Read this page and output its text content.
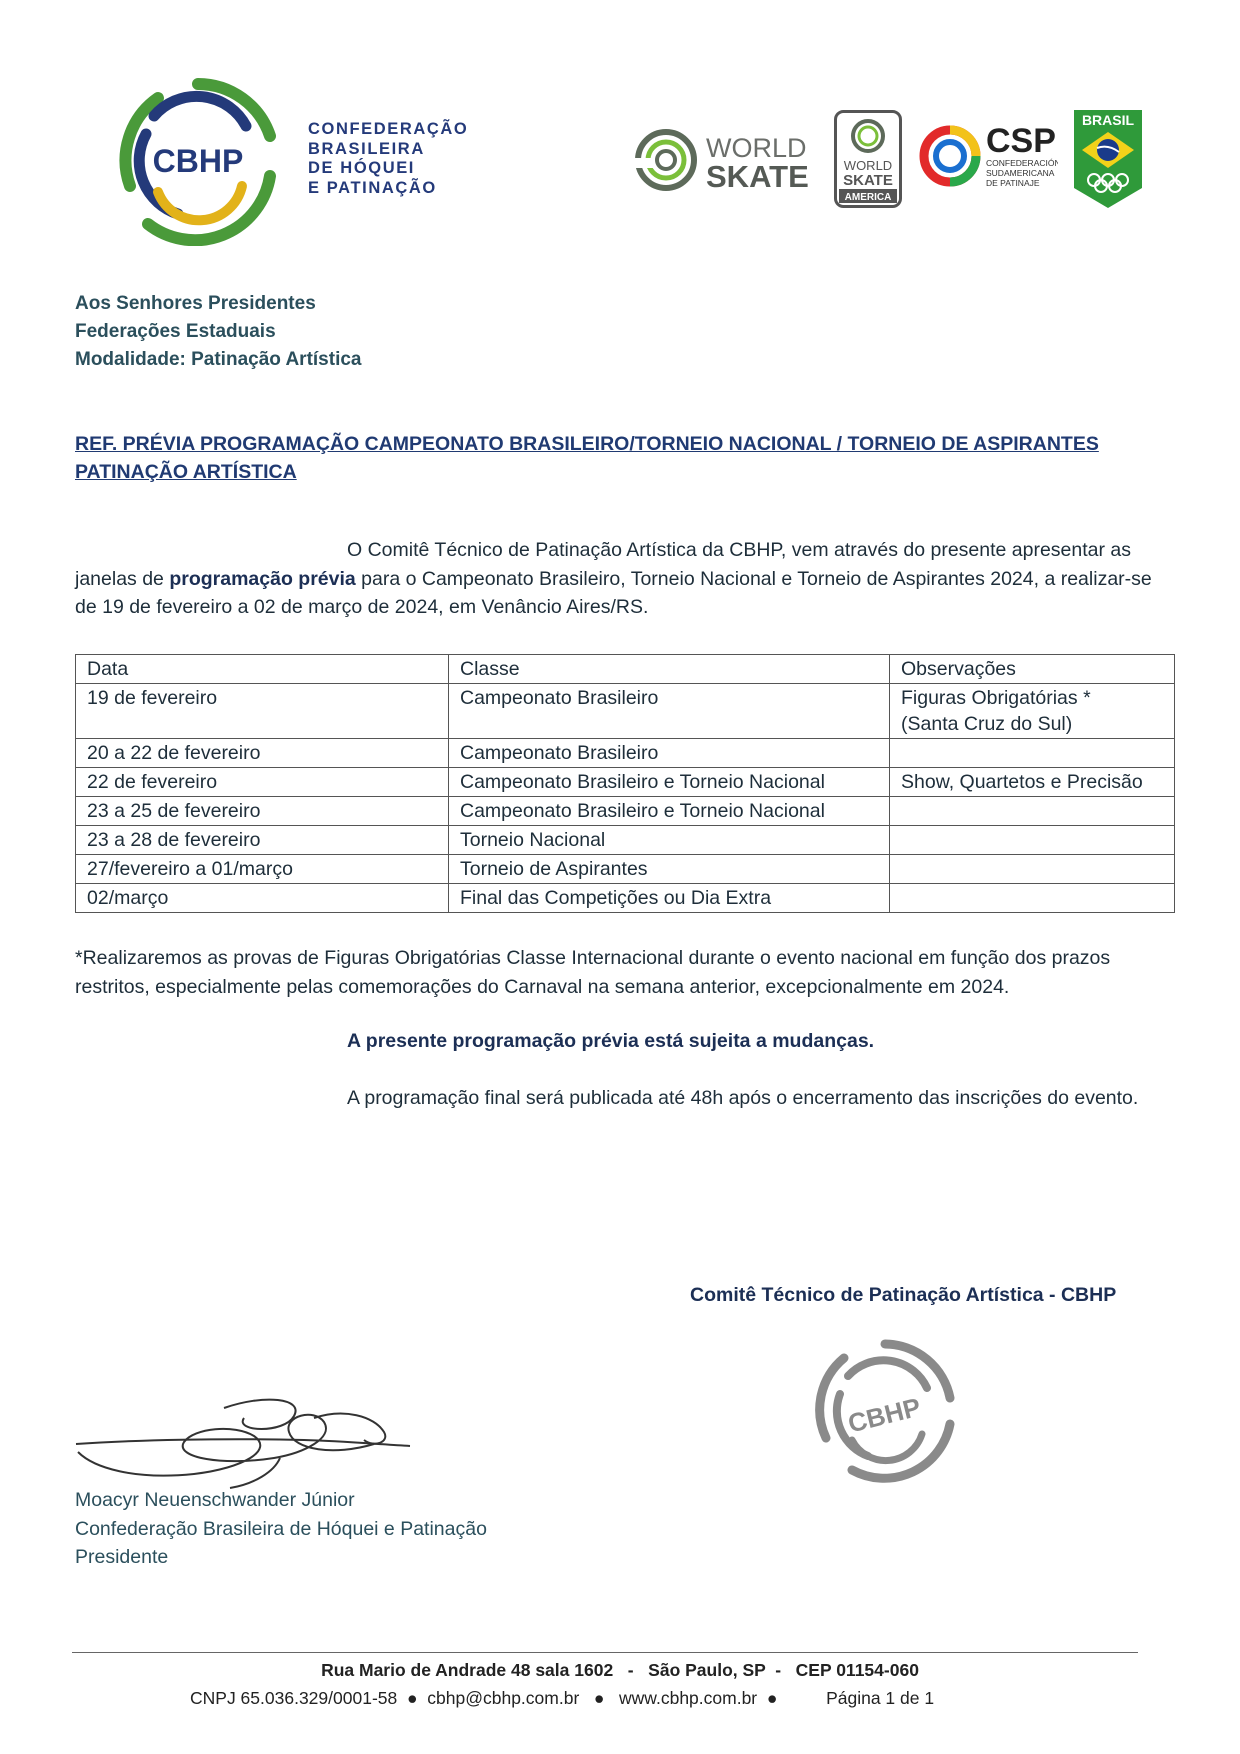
CBHP
CONFEDERAÇÃO
BRASILEIRA
DE HÓQUEI
E PATINAÇÃO
WORLD
SKATE	WORLD
SKATE
AMERICA
CSP
CONFEDERACIÓN
SUDAMERICANA
DE PATINAJE
BRASIL
Aos Senhores Presidentes
Federações Estaduais
Modalidade: Patinação Artística
REF. PRÉVIA PROGRAMAÇÃO CAMPEONATO BRASILEIRO/TORNEIO NACIONAL / TORNEIO DE ASPIRANTES
PATINAÇÃO ARTÍSTICA
O Comitê Técnico de Patinação Artística da CBHP, vem através do presente apresentar as janelas de programação prévia para o Campeonato Brasileiro, Torneio Nacional e Torneio de Aspirantes 2024, a realizar-se de 19 de fevereiro a 02 de março de 2024, em Venâncio Aires/RS.
Data	Classe	Observações
19 de fevereiro	Campeonato Brasileiro	Figuras Obrigatórias *
(Santa Cruz do Sul)
20 a 22 de fevereiro	Campeonato Brasileiro	
22 de fevereiro	Campeonato Brasileiro e Torneio Nacional	Show, Quartetos e Precisão
23 a 25 de fevereiro	Campeonato Brasileiro e Torneio Nacional	
23 a 28 de fevereiro	Torneio Nacional	
27/fevereiro a 01/março	Torneio de Aspirantes	
02/março	Final das Competições ou Dia Extra	
*Realizaremos as provas de Figuras Obrigatórias Classe Internacional durante o evento nacional em função dos prazos restritos, especialmente pelas comemorações do Carnaval na semana anterior, excepcionalmente em 2024.
A presente programação prévia está sujeita a mudanças.
A programação final será publicada até 48h após o encerramento das inscrições do evento.
Comitê Técnico de Patinação Artística - CBHP
CBHP
Moacyr Neuenschwander Júnior
Confederação Brasileira de Hóquei e Patinação
Presidente
Rua Mario de Andrade 48 sala 1602   -   São Paulo, SP  -   CEP 01154-060
CNPJ 65.036.329/0001-58  ●  cbhp@cbhp.com.br   ●   www.cbhp.com.br  ●          Página 1 de 1
